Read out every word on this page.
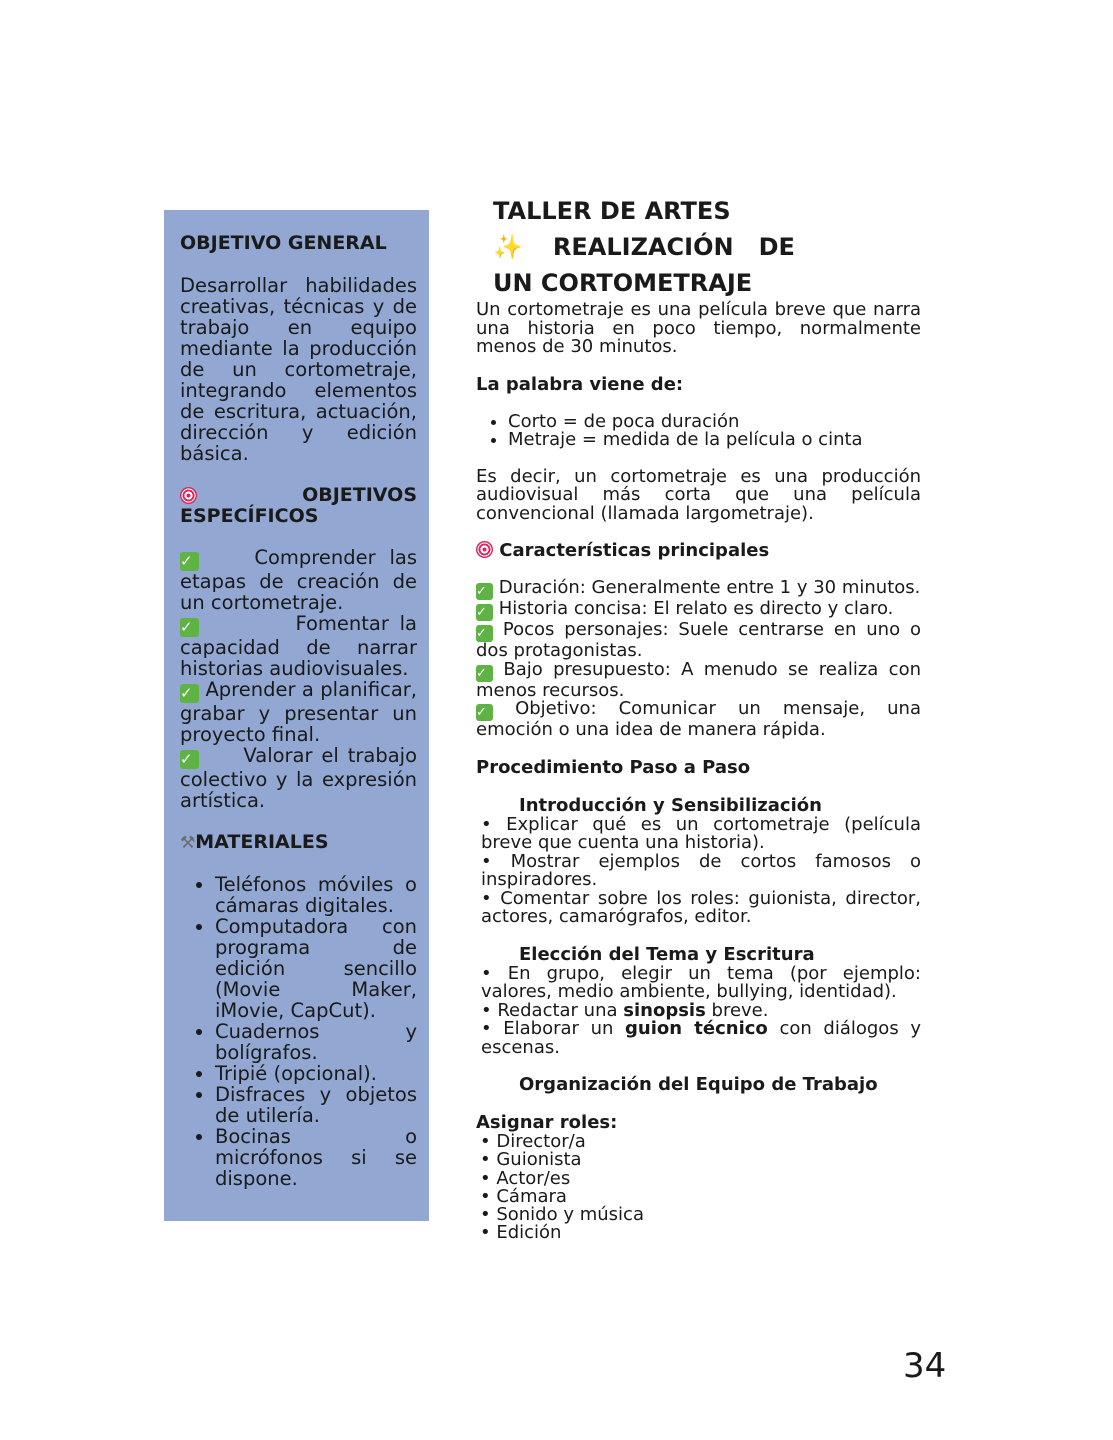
OBJETIVO GENERAL

Desarrollar habilidades creativas, técnicas y de trabajo en equipo mediante la producción de un cortometraje, integrando elementos de escritura, actuación, dirección y edición básica.

OBJETIVOS
ESPECÍFICOS

✓	Comprender las etapas de creación de un cortometraje.

✓	Fomentar la capacidad de narrar historias audiovisuales.

✓ Aprender a planificar, grabar y presentar un proyecto final.

✓	Valorar el trabajo colectivo y la expresión artística.

⚒MATERIALES
• Teléfonos móviles o cámaras digitales.
• Computadora con programa de edición sencillo (Movie Maker, iMovie, CapCut).
• Cuadernos y bolígrafos.
• Tripié (opcional).
• Disfraces y objetos de utilería.
• Bocinas o micrófonos si se dispone.
TALLER DE ARTES
✨ REALIZACIÓN   DE
UN CORTOMETRAJE

Un cortometraje es una película breve que narra una historia en poco tiempo, normalmente menos de 30 minutos.

La palabra viene de:
• Corto = de poca duración
• Metraje = medida de la película o cinta

Es decir, un cortometraje es una producción audiovisual más corta que una película convencional (llamada largometraje).

Características principales

✓ Duración: Generalmente entre 1 y 30 minutos.

✓ Historia concisa: El relato es directo y claro.

✓ Pocos personajes: Suele centrarse en uno o dos protagonistas.

✓ Bajo presupuesto: A menudo se realiza con menos recursos.

✓ Objetivo: Comunicar un mensaje, una emoción o una idea de manera rápida.

Procedimiento Paso a Paso
Introducción y Sensibilización

• Explicar qué es un cortometraje (película breve que cuenta una historia).

• Mostrar ejemplos de cortos famosos o inspiradores.

• Comentar sobre los roles: guionista, director, actores, camarógrafos, editor.

Elección del Tema y Escritura

• En grupo, elegir un tema (por ejemplo: valores, medio ambiente, bullying, identidad).

• Redactar una sinopsis breve.

• Elaborar un guion técnico con diálogos y escenas.

Organización del Equipo de Trabajo
Asignar roles:
• Director/a
• Guionista
• Actor/es
• Cámara
• Sonido y música
• Edición
34
